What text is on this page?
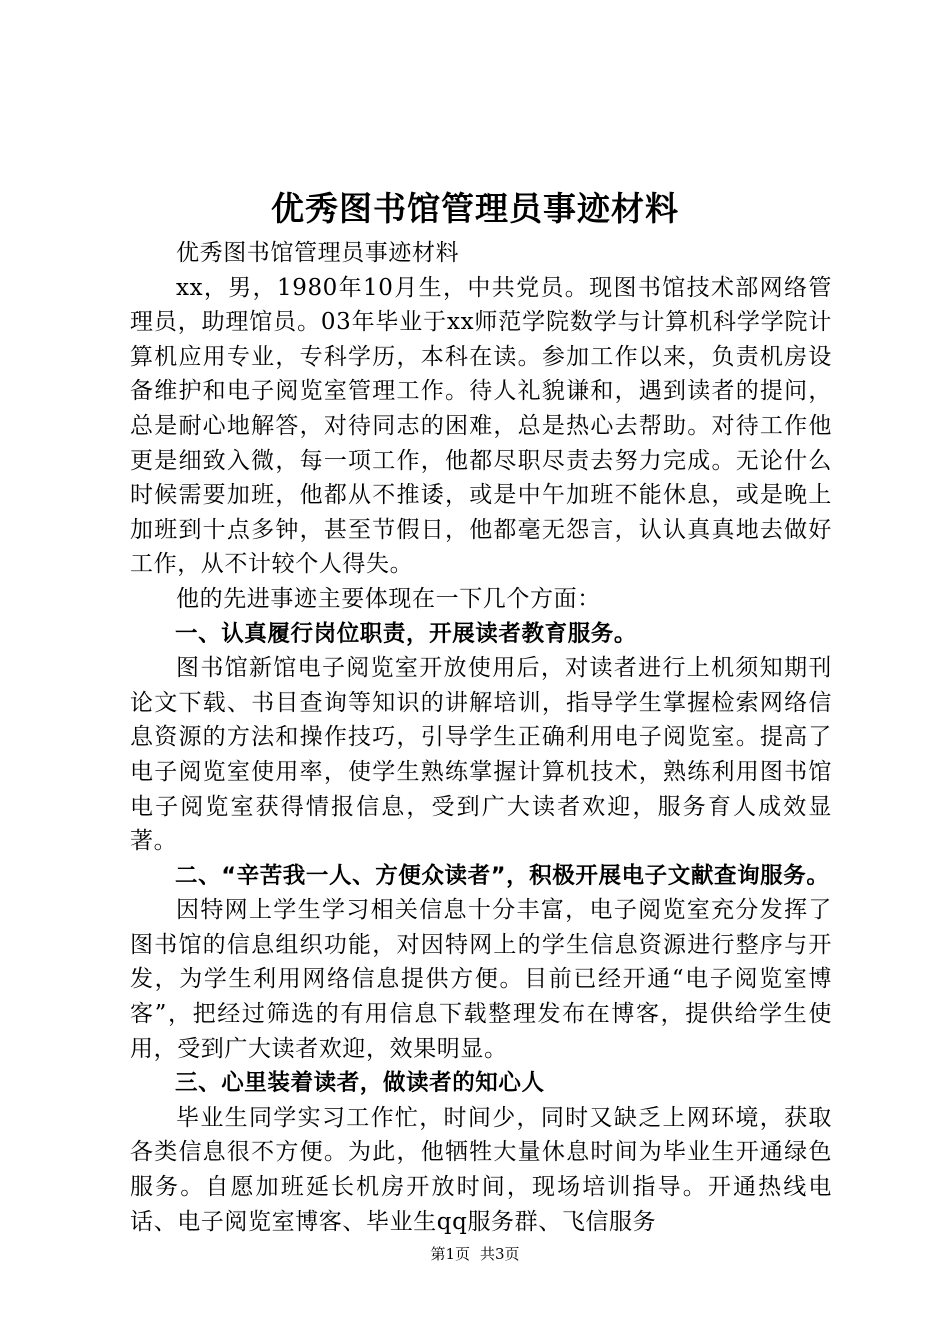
优秀图书馆管理员事迹材料

优秀图书馆管理员事迹材料

xx，男，1980年10月生，中共党员。现图书馆技术部网络管理员，助理馆员。03年毕业于xx师范学院数学与计算机科学学院计算机应用专业，专科学历，本科在读。参加工作以来，负责机房设备维护和电子阅览室管理工作。待人礼貌谦和，遇到读者的提问，总是耐心地解答，对待同志的困难，总是热心去帮助。对待工作他更是细致入微，每一项工作，他都尽职尽责去努力完成。无论什么时候需要加班，他都从不推诿，或是中午加班不能休息，或是晚上加班到十点多钟，甚至节假日，他都毫无怨言，认认真真地去做好工作，从不计较个人得失。

他的先进事迹主要体现在一下几个方面：

一、认真履行岗位职责，开展读者教育服务。

图书馆新馆电子阅览室开放使用后，对读者进行上机须知期刊论文下载、书目查询等知识的讲解培训，指导学生掌握检索网络信息资源的方法和操作技巧，引导学生正确利用电子阅览室。提高了电子阅览室使用率，使学生熟练掌握计算机技术，熟练利用图书馆电子阅览室获得情报信息，受到广大读者欢迎，服务育人成效显著。

二、“辛苦我一人、方便众读者”，积极开展电子文献查询服务。

因特网上学生学习相关信息十分丰富，电子阅览室充分发挥了图书馆的信息组织功能，对因特网上的学生信息资源进行整序与开发，为学生利用网络信息提供方便。目前已经开通“电子阅览室博客”，把经过筛选的有用信息下载整理发布在博客，提供给学生使用，受到广大读者欢迎，效果明显。

三、心里装着读者，做读者的知心人

毕业生同学实习工作忙，时间少，同时又缺乏上网环境，获取各类信息很不方便。为此，他牺牲大量休息时间为毕业生开通绿色服务。自愿加班延长机房开放时间，现场培训指导。开通热线电话、电子阅览室博客、毕业生qq服务群、飞信服务

第1页 共3页
